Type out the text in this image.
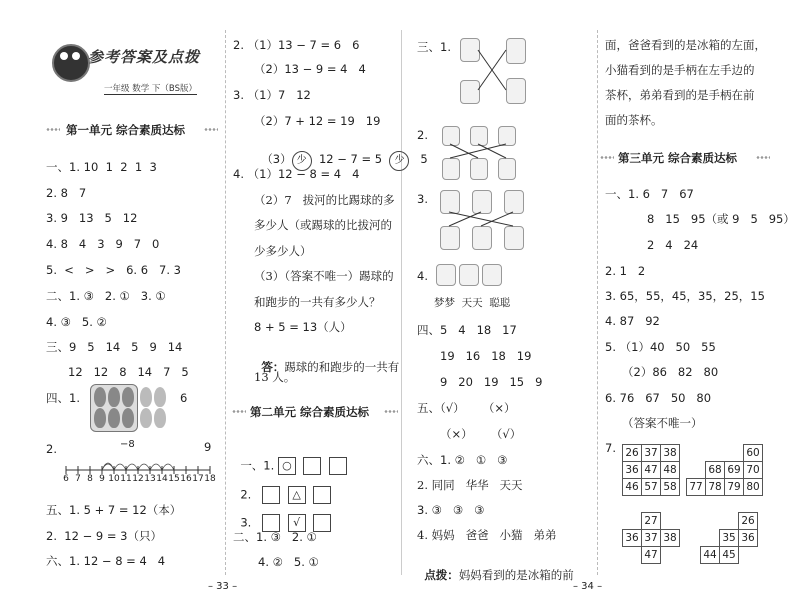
参考答案及点拨
一年级 数学 下（BS版）

第一单元 综合素质达标

一、1. 10  1  2  1  3
2. 8   7
3. 9   13   5   12
4. 8   4   3   9   7   0
5.  <   >   >   6. 6   7. 3
二、1. ③   2. ①   3. ①
4. ③   5. ②
三、9   5   14   5   9   14
12   12   8   14   7   5
四、1.	6
2.	−8	9
6 7 8 9 10 11 12 13 14 15 16 17 18
五、1. 5 + 7 = 12（本）
2.  12 − 9 = 3（只）
六、1. 12 − 8 = 4   4
– 33 –
2. （1）13 − 7 = 6   6
（2）13 − 9 = 4   4
3. （1）7   12
（2）7 + 12 = 19   19

（3） 少 12 − 7 = 5 少 5

4. （1）12 − 8 = 4   4
（2）7   拔河的比踢球的多
多少人（或踢球的比拔河的
少多少人）
（3）（答案不唯一）踢球的
和跑步的一共有多少人？
8 + 5 = 13（人）

答：踢球的和跑步的一共有

13 人。

第二单元 综合素质达标

一、1. ○

2.	△

3.	√

二、1. ③   2. ①
4. ②   5. ①
三、1.
2.
3.
4.
梦梦  天天  聪聪
四、5   4   18   17
19   16   18   19
9   20   19   15   9
五、（√）     （×）
（×）     （√）
六、1. ②   ①   ③
2. 同同   华华   天天
3. ③   ③   ③
4. 妈妈   爸爸   小猫   弟弟

点拨：妈妈看到的是冰箱的前

– 34 –
面，爸爸看到的是冰箱的左面，
小猫看到的是手柄在左手边的
茶杯，弟弟看到的是手柄在前
面的茶杯。

第三单元 综合素质达标

一、1. 6   7   67
8   15   95（或 9   5   95）
2   4   24
2. 1   2
3. 65，55，45，35，25，15
4. 87   92
5. （1）40   50   55
（2）86   82   80
6. 76   67   50   80
（答案不唯一）
7. 26	37	38
36	47	48
46	57	58
			60
	68	69	70
77	78	79	80
	27	
36	37	38
	47	
		26
	35	36
44	45	
